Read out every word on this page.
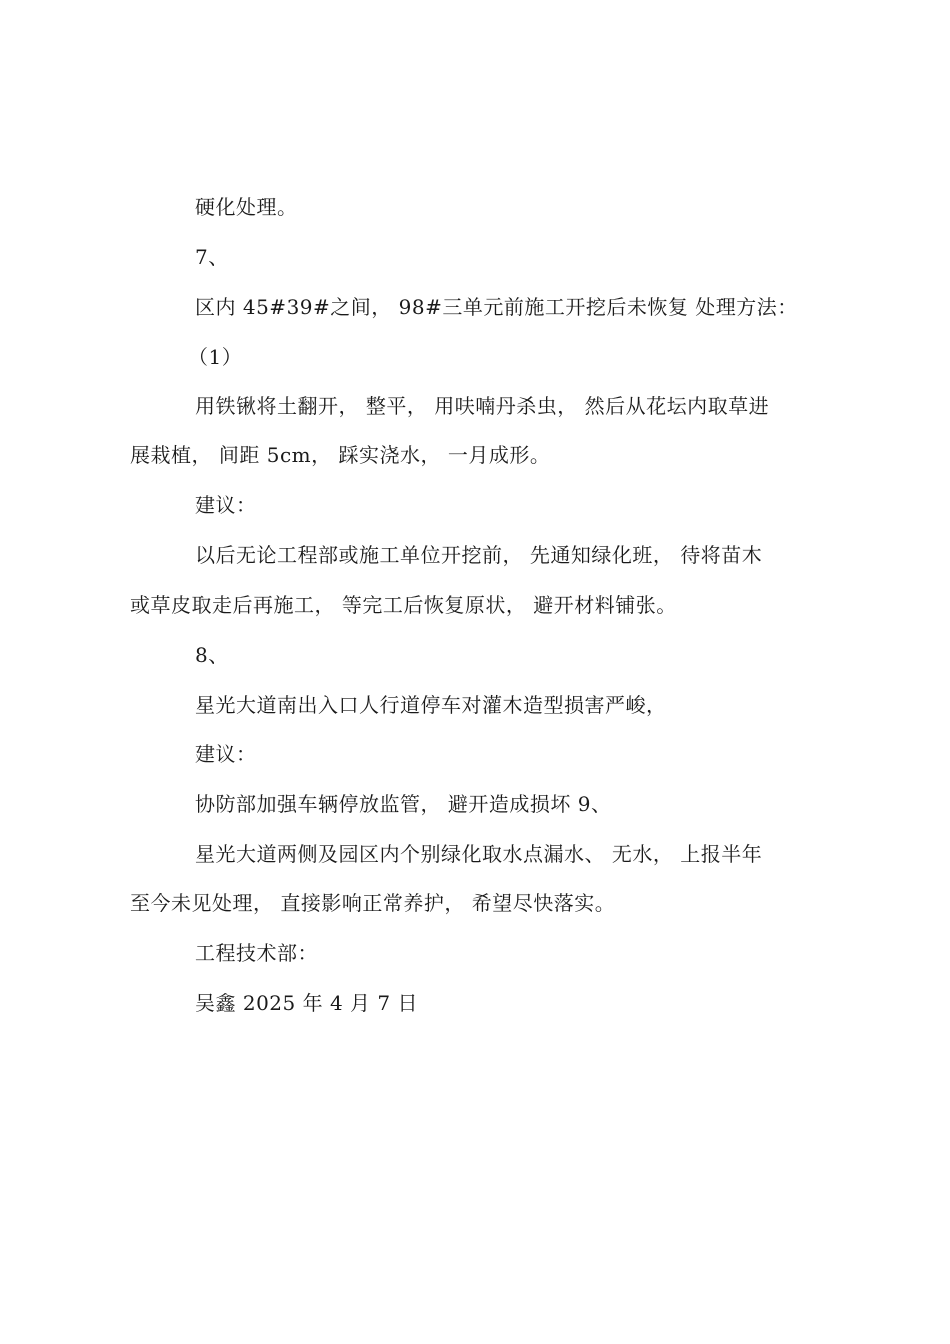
硬化处理。
7、
区内 45#39#之间， 98#三单元前施工开挖后未恢复 处理方法：
（1）
用铁锹将土翻开， 整平， 用呋喃丹杀虫， 然后从花坛内取草进
展栽植， 间距 5cm， 踩实浇水， 一月成形。
建议：
以后无论工程部或施工单位开挖前， 先通知绿化班， 待将苗木
或草皮取走后再施工， 等完工后恢复原状， 避开材料铺张。
8、
星光大道南出入口人行道停车对灌木造型损害严峻，
建议：
协防部加强车辆停放监管， 避开造成损坏 9、
星光大道两侧及园区内个别绿化取水点漏水、 无水， 上报半年
至今未见处理， 直接影响正常养护， 希望尽快落实。
工程技术部：
吴鑫 2025 年 4 月 7 日
